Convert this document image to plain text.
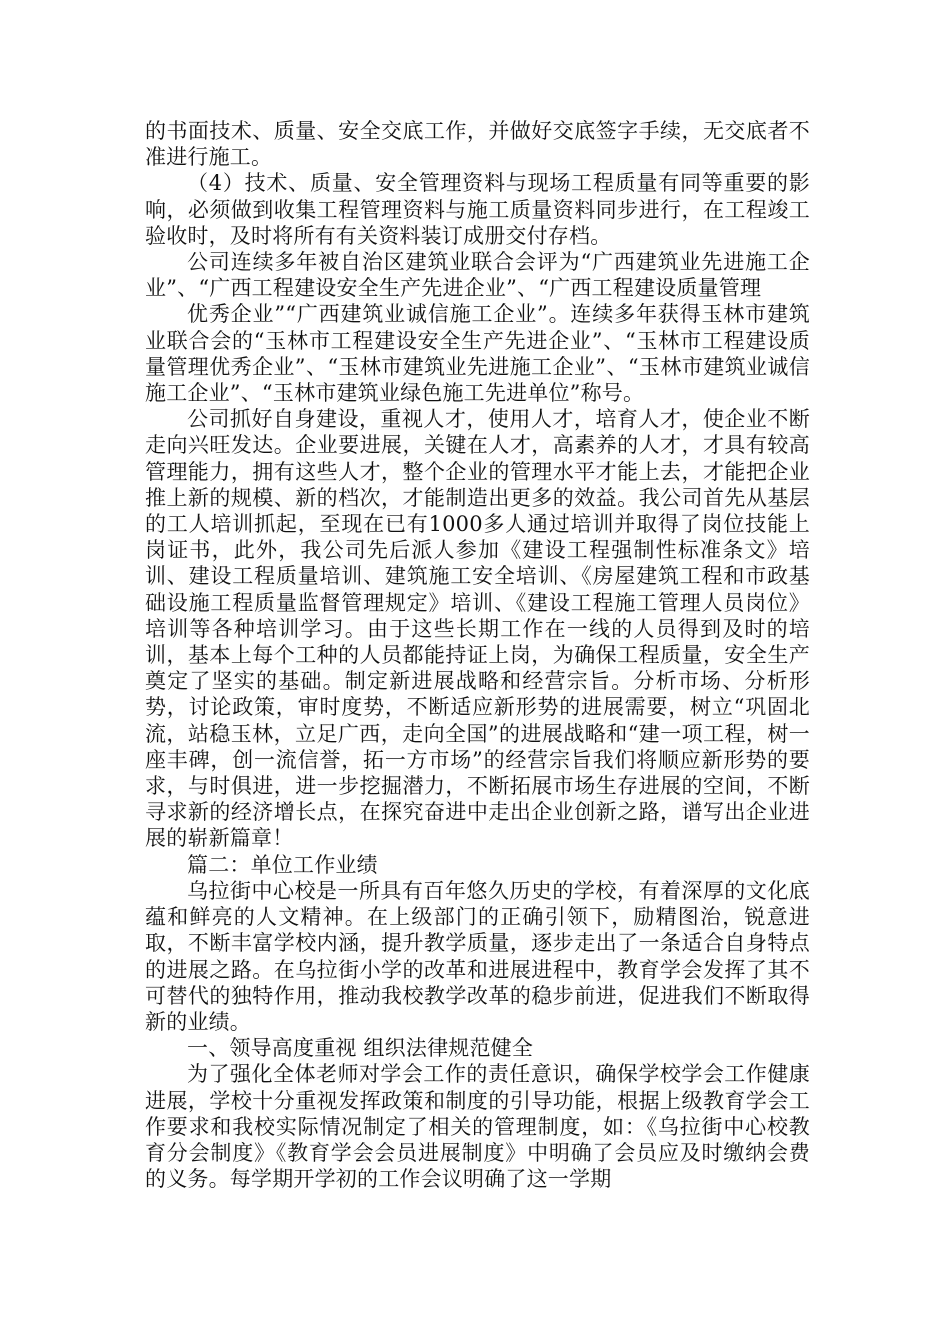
的书面技术、质量、安全交底工作，并做好交底签字手续，无交底者不准进行施工。

（4）技术、质量、安全管理资料与现场工程质量有同等重要的影响，必须做到收集工程管理资料与施工质量资料同步进行，在工程竣工验收时，及时将所有有关资料装订成册交付存档。

公司连续多年被自治区建筑业联合会评为“广西建筑业先进施工企业”、“广西工程建设安全生产先进企业”、“广西工程建设质量管理

优秀企业”“广西建筑业诚信施工企业”。连续多年获得玉林市建筑业联合会的“玉林市工程建设安全生产先进企业”、“玉林市工程建设质量管理优秀企业”、“玉林市建筑业先进施工企业”、“玉林市建筑业诚信施工企业”、“玉林市建筑业绿色施工先进单位”称号。

公司抓好自身建设，重视人才，使用人才，培育人才，使企业不断走向兴旺发达。企业要进展，关键在人才，高素养的人才，才具有较高管理能力，拥有这些人才，整个企业的管理水平才能上去，才能把企业推上新的规模、新的档次，才能制造出更多的效益。我公司首先从基层的工人培训抓起，至现在已有1000多人通过培训并取得了岗位技能上岗证书，此外，我公司先后派人参加《建设工程强制性标准条文》培训、建设工程质量培训、建筑施工安全培训、《房屋建筑工程和市政基础设施工程质量监督管理规定》培训、《建设工程施工管理人员岗位》培训等各种培训学习。由于这些长期工作在一线的人员得到及时的培训，基本上每个工种的人员都能持证上岗，为确保工程质量，安全生产奠定了坚实的基础。制定新进展战略和经营宗旨。分析市场、分析形势，讨论政策，审时度势，不断适应新形势的进展需要，树立“巩固北流，站稳玉林，立足广西，走向全国”的进展战略和“建一项工程，树一座丰碑，创一流信誉，拓一方市场”的经营宗旨我们将顺应新形势的要求，与时俱进，进一步挖掘潜力，不断拓展市场生存进展的空间，不断寻求新的经济增长点，在探究奋进中走出企业创新之路，谱写出企业进展的崭新篇章！

篇二：单位工作业绩

乌拉街中心校是一所具有百年悠久历史的学校，有着深厚的文化底蕴和鲜亮的人文精神。在上级部门的正确引领下，励精图治，锐意进取，不断丰富学校内涵，提升教学质量，逐步走出了一条适合自身特点的进展之路。在乌拉街小学的改革和进展进程中，教育学会发挥了其不可替代的独特作用，推动我校教学改革的稳步前进，促进我们不断取得新的业绩。

一、领导高度重视 组织法律规范健全

为了强化全体老师对学会工作的责任意识，确保学校学会工作健康进展，学校十分重视发挥政策和制度的引导功能，根据上级教育学会工作要求和我校实际情况制定了相关的管理制度，如：《乌拉街中心校教育分会制度》《教育学会会员进展制度》中明确了会员应及时缴纳会费的义务。每学期开学初的工作会议明确了这一学期
